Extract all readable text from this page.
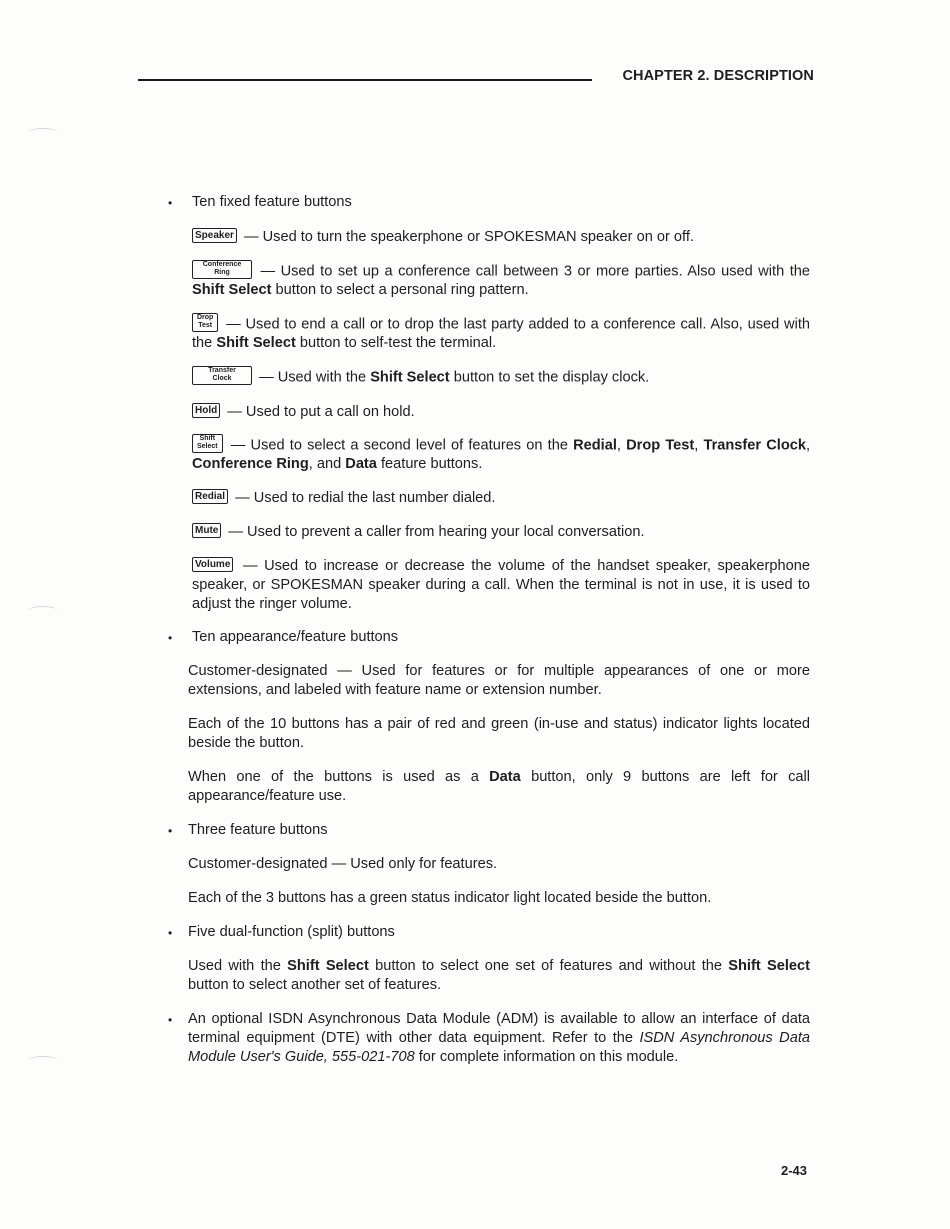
CHAPTER 2. DESCRIPTION
• Ten fixed feature buttons
Speaker — Used to turn the speakerphone or SPOKESMAN speaker on or off.
Conference
Ring — Used to set up a conference call between 3 or more parties. Also used with the Shift Select button to select a personal ring pattern.
Drop
Test — Used to end a call or to drop the last party added to a conference call. Also, used with the Shift Select button to self-test the terminal.
Transfer
Clock — Used with the Shift Select button to set the display clock.
Hold — Used to put a call on hold.
Shift
Select — Used to select a second level of features on the Redial, Drop Test, Transfer Clock, Conference Ring, and Data feature buttons.
Redial — Used to redial the last number dialed.
Mute — Used to prevent a caller from hearing your local conversation.
Volume — Used to increase or decrease the volume of the handset speaker, speakerphone speaker, or SPOKESMAN speaker during a call. When the terminal is not in use, it is used to adjust the ringer volume.
• Ten appearance/feature buttons
Customer-designated — Used for features or for multiple appearances of one or more extensions, and labeled with feature name or extension number.
Each of the 10 buttons has a pair of red and green (in-use and status) indicator lights located beside the button.
When one of the buttons is used as a Data button, only 9 buttons are left for call appearance/feature use.
• Three feature buttons
Customer-designated — Used only for features.
Each of the 3 buttons has a green status indicator light located beside the button.
• Five dual-function (split) buttons
Used with the Shift Select button to select one set of features and without the Shift Select button to select another set of features.
• An optional ISDN Asynchronous Data Module (ADM) is available to allow an interface of data terminal equipment (DTE) with other data equipment. Refer to the ISDN Asynchronous Data Module User's Guide, 555-021-708 for complete information on this module.
2-43
